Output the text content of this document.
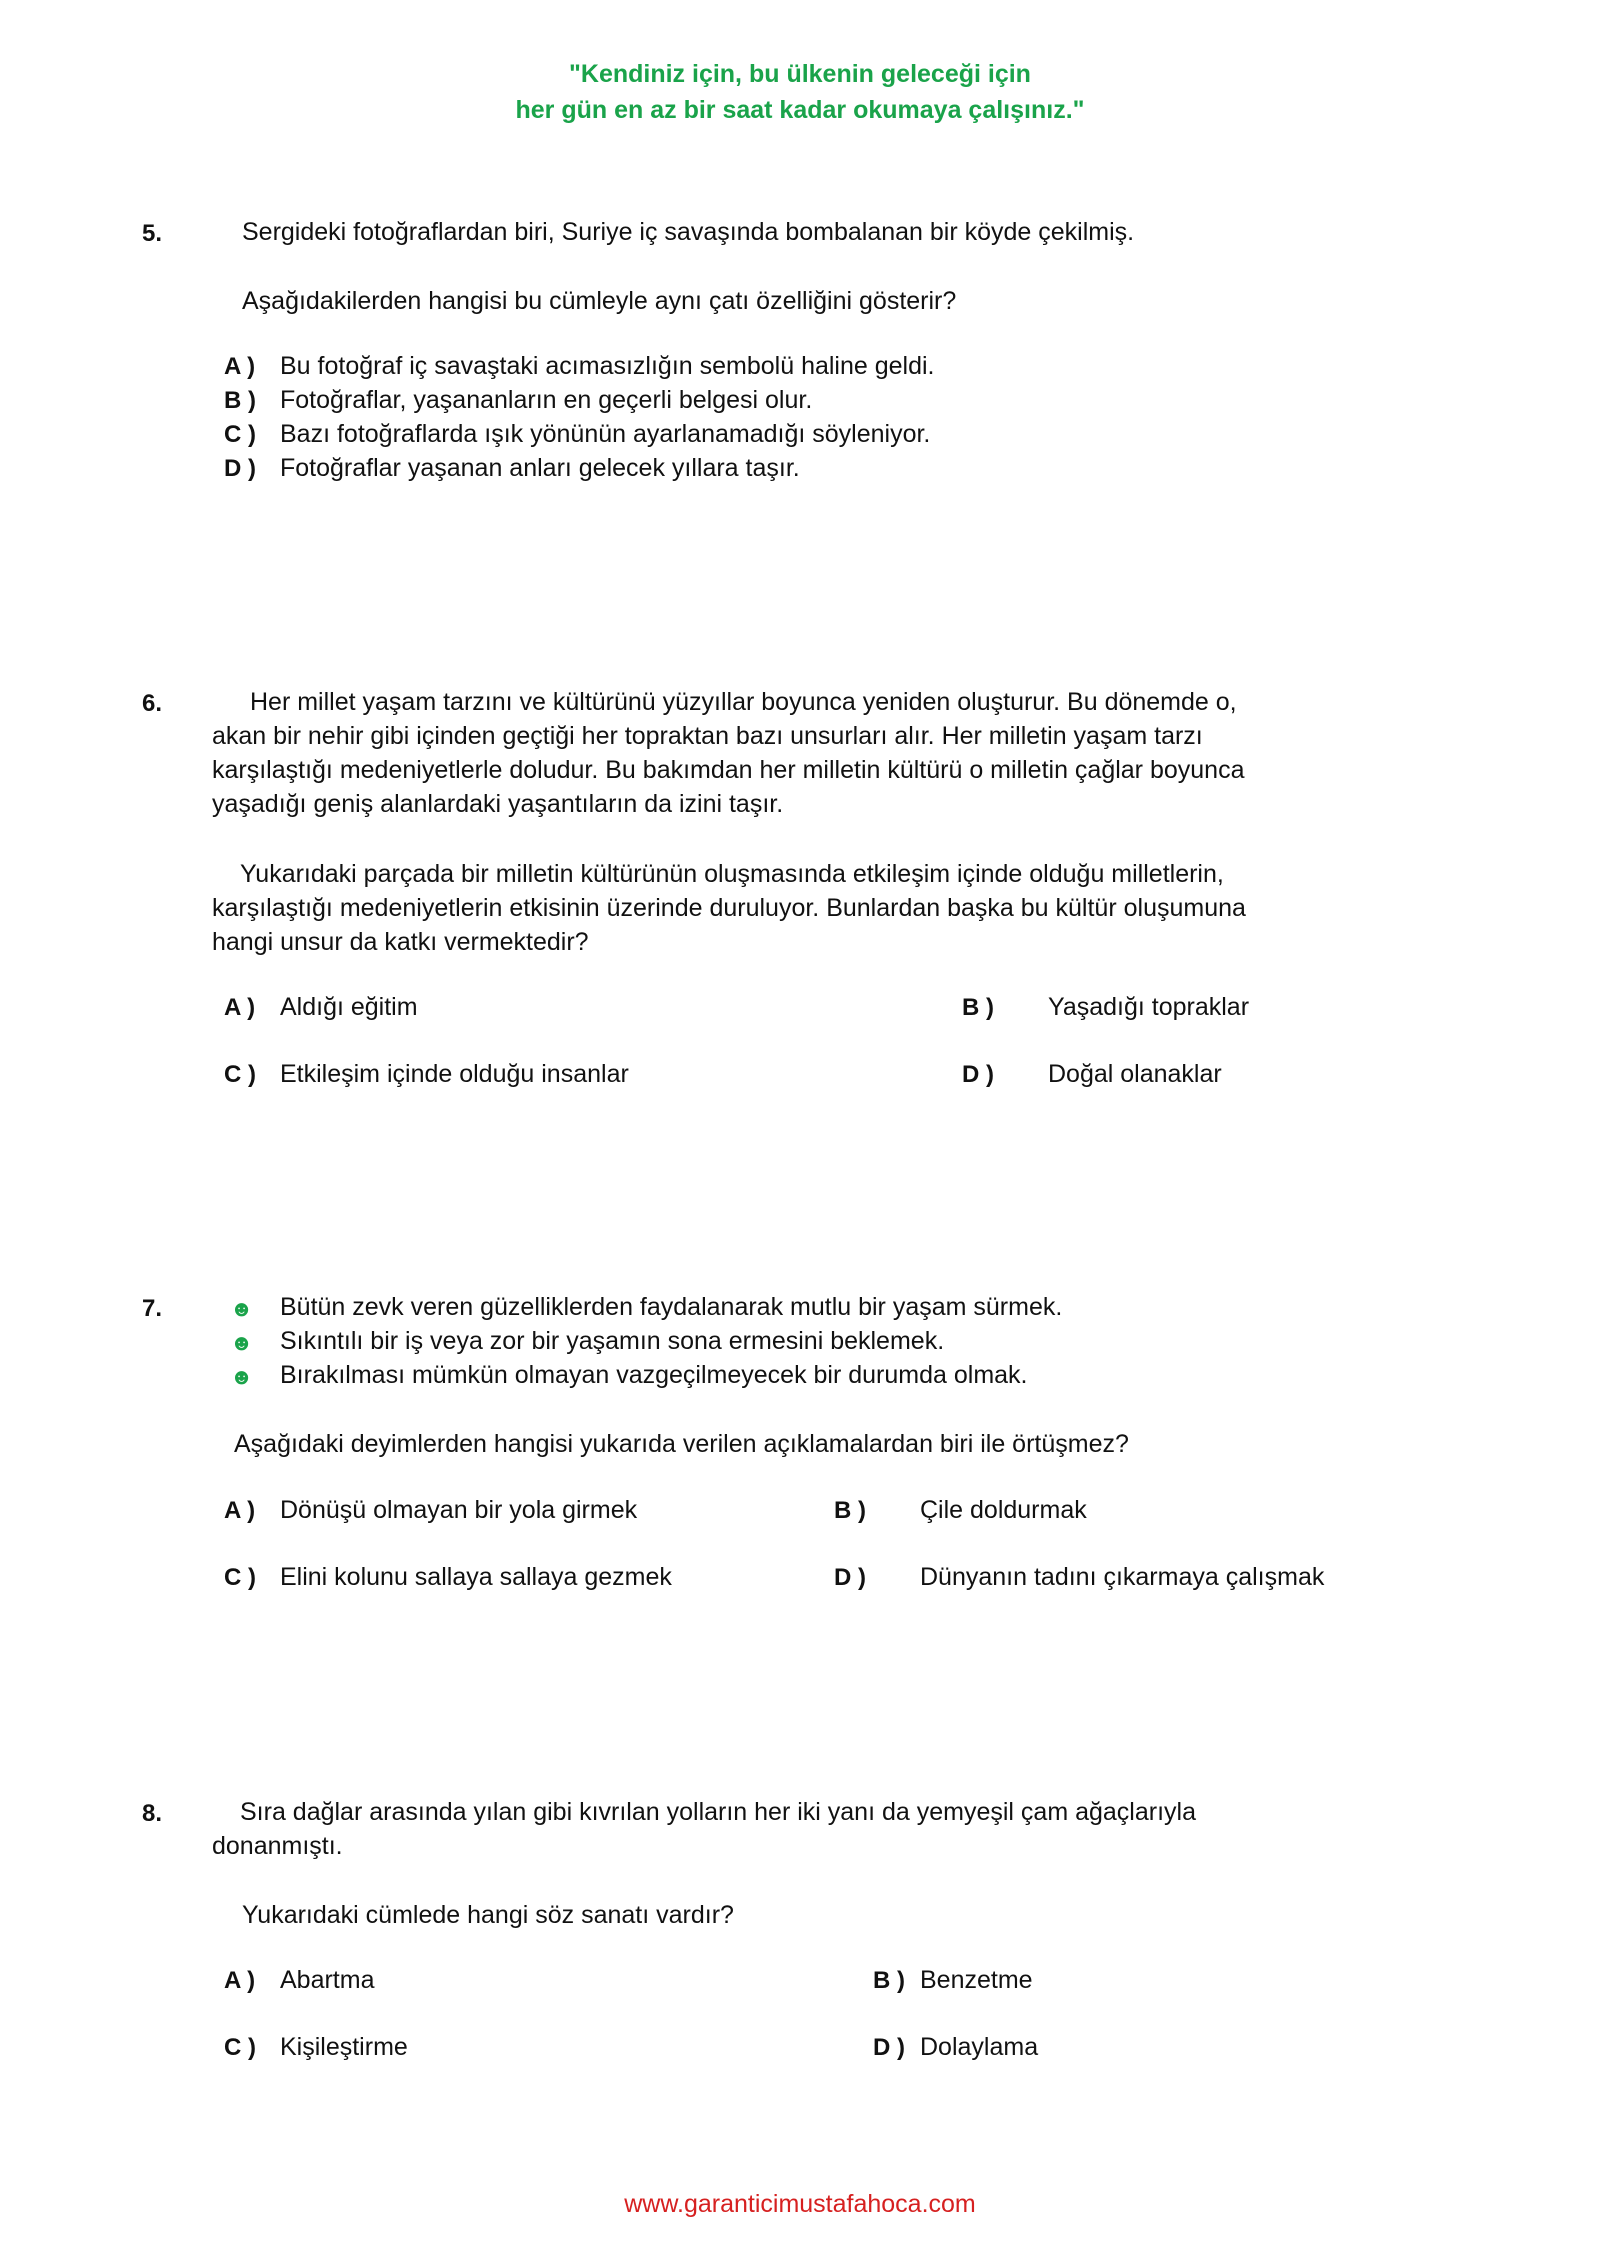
"Kendiniz için, bu ülkenin geleceği için
her gün en az bir saat kadar okumaya çalışınız."
5.	Sergideki fotoğraflardan biri, Suriye iç savaşında bombalanan bir köyde çekilmiş.
Aşağıdakilerden hangisi bu cümleyle aynı çatı özelliğini gösterir?
A ) Bu fotoğraf iç savaştaki acımasızlığın sembolü haline geldi.
B ) Fotoğraflar, yaşananların en geçerli belgesi olur.
C ) Bazı fotoğraflarda ışık yönünün ayarlanamadığı söyleniyor.
D ) Fotoğraflar yaşanan anları gelecek yıllara taşır.
6.	Her millet yaşam tarzını ve kültürünü yüzyıllar boyunca yeniden oluşturur. Bu dönemde o,
akan bir nehir gibi içinden geçtiği her topraktan bazı unsurları alır. Her milletin yaşam tarzı
karşılaştığı medeniyetlerle doludur. Bu bakımdan her milletin kültürü o milletin çağlar boyunca
yaşadığı geniş alanlardaki yaşantıların da izini taşır.
Yukarıdaki parçada bir milletin kültürünün oluşmasında etkileşim içinde olduğu milletlerin,
karşılaştığı medeniyetlerin etkisinin üzerinde duruluyor. Bunlardan başka bu kültür oluşumuna
hangi unsur da katkı vermektedir?
A ) Aldığı eğitim	B ) Yaşadığı topraklar
C ) Etkileşim içinde olduğu insanlar	D ) Doğal olanaklar
7.	☻ Bütün zevk veren güzelliklerden faydalanarak mutlu bir yaşam sürmek.
☻ Sıkıntılı bir iş veya zor bir yaşamın sona ermesini beklemek.
☻ Bırakılması mümkün olmayan vazgeçilmeyecek bir durumda olmak.
Aşağıdaki deyimlerden hangisi yukarıda verilen açıklamalardan biri ile örtüşmez?
A ) Dönüşü olmayan bir yola girmek	B ) Çile doldurmak
C ) Elini kolunu sallaya sallaya gezmek	D ) Dünyanın tadını çıkarmaya çalışmak
8.	Sıra dağlar arasında yılan gibi kıvrılan yolların her iki yanı da yemyeşil çam ağaçlarıyla
donanmıştı.
Yukarıdaki cümlede hangi söz sanatı vardır?
A ) Abartma	B ) Benzetme
C ) Kişileştirme	D ) Dolaylama
www.garanticimustafahoca.com
